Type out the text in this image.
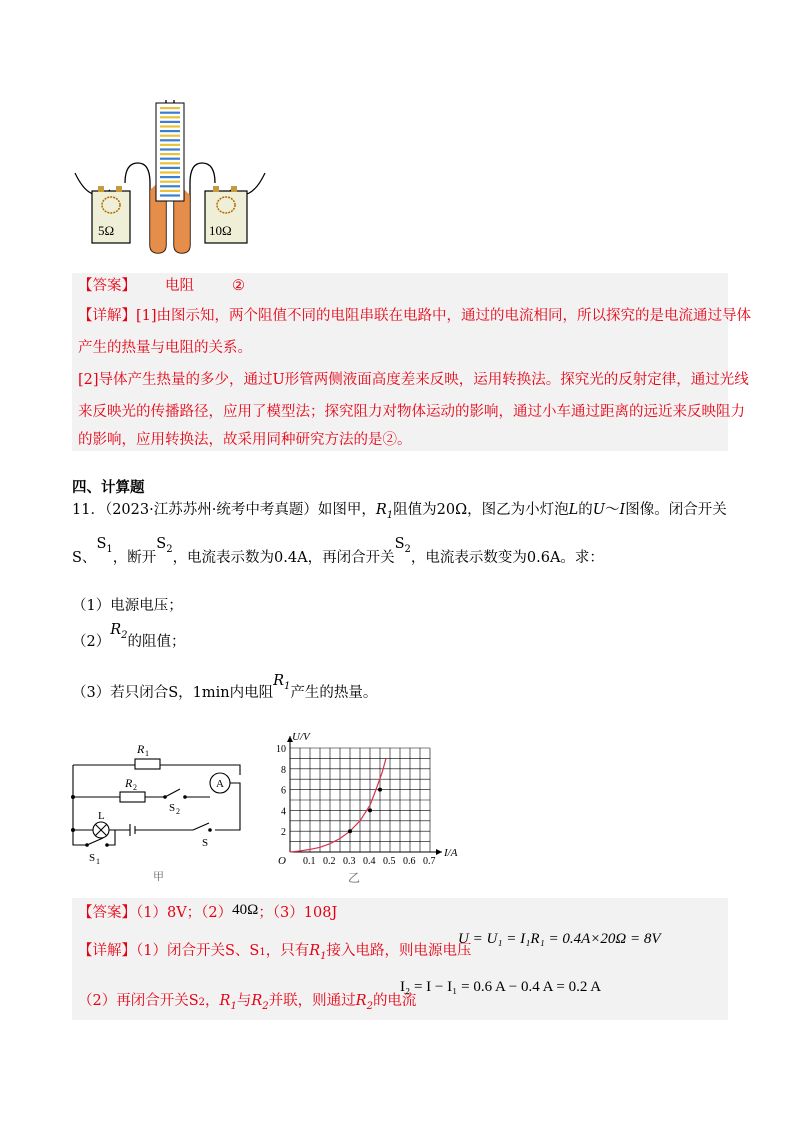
5Ω	10Ω
【答案】 电阻	②
【详解】[1]由图示知，两个阻值不同的电阻串联在电路中，通过的电流相同，所以探究的是电流通过导体
产生的热量与电阻的关系。
[2]导体产生热量的多少，通过U形管两侧液面高度差来反映，运用转换法。探究光的反射定律，通过光线
来反映光的传播路径，应用了模型法；探究阻力对物体运动的影响，通过小车通过距离的远近来反映阻力
的影响，应用转换法，故采用同种研究方法的是②。
四、计算题
11．（2023·江苏苏州·统考中考真题）如图甲，$R_1$阻值为20Ω，图乙为小灯泡L的U～I图像。闭合开关
S、$S_1$，断开$S_2$，电流表示数为0.4A，再闭合开关$S_2$，电流表示数变为0.6A。求：
（1）电源电压；
$(2)R_2$的阻值；
（3）若只闭合S，1min内电阻$R_1$产生的热量。
R 1
R 2	A
L
S 2
S
S 1
甲
0.1 0.2 0.3 0.4 0.5 0.6 0.7
2
4
6
8
10
O
I/A
U/V
乙
【答案】（1）8V；（2）40Ω；（3）108J
【详解】（1）闭合开关S、S1，只有$R_1$接入电路，则电源电压
U = U₁ = I₁R₁ = 0.4A×20Ω = 8V
（2）再闭合开关S2，$R_1$与$R_2$并联，则通过$R_2$的电流
I₂ = I − I₁ = 0.6 A − 0.4 A = 0.2 A
